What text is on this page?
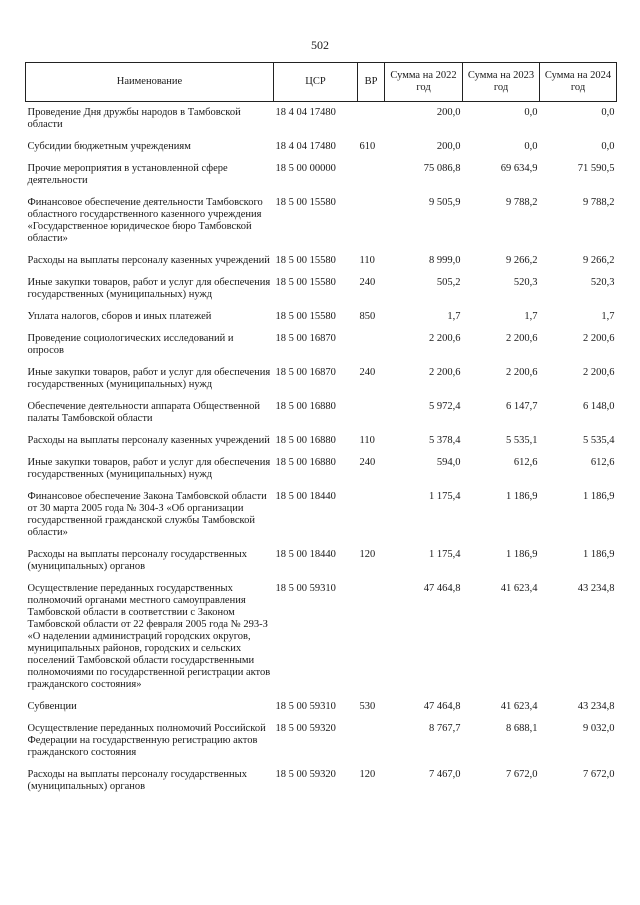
502
Наименование	ЦСР	ВР	Сумма на 2022 год	Сумма на 2023 год	Сумма на 2024 год
Проведение Дня дружбы народов в Тамбовской области	18 4 04 17480		200,0	0,0	0,0
Субсидии бюджетным учреждениям	18 4 04 17480	610	200,0	0,0	0,0
Прочие мероприятия в установленной сфере деятельности	18 5 00 00000		75 086,8	69 634,9	71 590,5
Финансовое обеспечение деятельности Тамбовского областного государственного казенного учреждения «Государственное юридическое бюро Тамбовской области»	18 5 00 15580		9 505,9	9 788,2	9 788,2
Расходы на выплаты персоналу казенных учреждений	18 5 00 15580	110	8 999,0	9 266,2	9 266,2
Иные закупки товаров, работ и услуг для обеспечения государственных (муниципальных) нужд	18 5 00 15580	240	505,2	520,3	520,3
Уплата налогов, сборов и иных платежей	18 5 00 15580	850	1,7	1,7	1,7
Проведение социологических исследований и опросов	18 5 00 16870		2 200,6	2 200,6	2 200,6
Иные закупки товаров, работ и услуг для обеспечения государственных (муниципальных) нужд	18 5 00 16870	240	2 200,6	2 200,6	2 200,6
Обеспечение деятельности аппарата Общественной палаты Тамбовской области	18 5 00 16880		5 972,4	6 147,7	6 148,0
Расходы на выплаты персоналу казенных учреждений	18 5 00 16880	110	5 378,4	5 535,1	5 535,4
Иные закупки товаров, работ и услуг для обеспечения государственных (муниципальных) нужд	18 5 00 16880	240	594,0	612,6	612,6
Финансовое обеспечение Закона Тамбовской области от 30 марта 2005 года № 304-З «Об организации государственной гражданской службы Тамбовской области»	18 5 00 18440		1 175,4	1 186,9	1 186,9
Расходы на выплаты персоналу государственных (муниципальных) органов	18 5 00 18440	120	1 175,4	1 186,9	1 186,9
Осуществление переданных государственных полномочий органами местного самоуправления Тамбовской области в соответствии с Законом Тамбовской области от 22 февраля 2005 года № 293-З «О наделении администраций городских округов, муниципальных районов, городских и сельских поселений Тамбовской области государственными полномочиями по государственной регистрации актов гражданского состояния»	18 5 00 59310		47 464,8	41 623,4	43 234,8
Субвенции	18 5 00 59310	530	47 464,8	41 623,4	43 234,8
Осуществление переданных полномочий Российской Федерации на государственную регистрацию актов гражданского состояния	18 5 00 59320		8 767,7	8 688,1	9 032,0
Расходы на выплаты персоналу государственных (муниципальных) органов	18 5 00 59320	120	7 467,0	7 672,0	7 672,0
